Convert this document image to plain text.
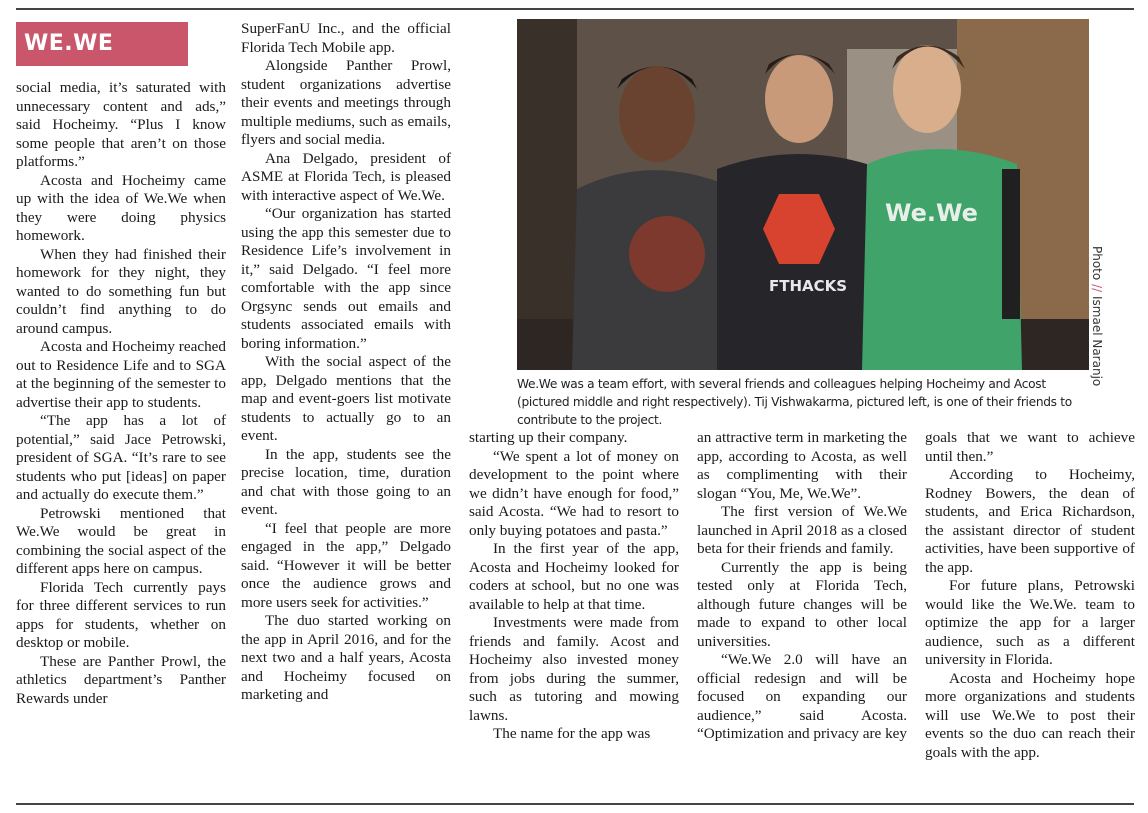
WE.WE

social media, it’s saturated with unnecessary content and ads,” said Hocheimy. “Plus I know some people that aren’t on those platforms.”

Acosta and Hocheimy came up with the idea of We.We when they were doing physics homework.

When they had finished their homework for they night, they wanted to do something fun but couldn’t find anything to do around campus.

Acosta and Hocheimy reached out to Residence Life and to SGA at the beginning of the semester to advertise their app to students.

“The app has a lot of potential,” said Jace Petrowski, president of SGA. “It’s rare to see students who put [ideas] on paper and actually do execute them.”

Petrowski mentioned that We.We would be great in combining the social aspect of the different apps here on campus.

Florida Tech currently pays for three different services to run apps for students, whether on desktop or mobile.

These are Panther Prowl, the athletics department’s Panther Rewards under

SuperFanU Inc., and the official Florida Tech Mobile app.

Alongside Panther Prowl, student organizations advertise their events and meetings through multiple mediums, such as emails, flyers and social media.

Ana Delgado, president of ASME at Florida Tech, is pleased with interactive aspect of We.We.

“Our organization has started using the app this semester due to Residence Life’s involvement in it,” said Delgado. “I feel more comfortable with the app since Orgsync sends out emails and students associated emails with boring information.”

With the social aspect of the app, Delgado mentions that the map and event-goers list motivate students to actually go to an event.

In the app, students see the precise location, time, duration and chat with those going to an event.

“I feel that people are more engaged in the app,” Delgado said. “However it will be better once the audience grows and more users seek for activities.”

The duo started working on the app in April 2016, and for the next two and a half years, Acosta and Hocheimy focused on marketing and

FTHACKS
We.We
Photo // Ismael Naranjo
We.We was a team effort, with several friends and colleagues helping Hocheimy and Acost (pictured middle and right respectively). Tij Vishwakarma, pictured left, is one of their friends to contribute to the project.

starting up their company.

“We spent a lot of money on development to the point where we didn’t have enough for food,” said Acosta. “We had to resort to only buying potatoes and pasta.”

In the first year of the app, Acosta and Hocheimy looked for coders at school, but no one was available to help at that time.

Investments were made from friends and family. Acost and Hocheimy also invested money from jobs during the summer, such as tutoring and mowing lawns.

The name for the app was

an attractive term in marketing the app, according to Acosta, as well as complimenting with their slogan “You, Me, We.We”.

The first version of We.We launched in April 2018 as a closed beta for their friends and family.

Currently the app is being tested only at Florida Tech, although future changes will be made to expand to other local universities.

“We.We 2.0 will have an official redesign and will be focused on expanding our audience,” said Acosta. “Optimization and privacy are key

goals that we want to achieve until then.”

According to Hocheimy, Rodney Bowers, the dean of students, and Erica Richardson, the assistant director of student activities, have been supportive of the app.

For future plans, Petrowski would like the We.We. team to optimize the app for a larger audience, such as a different university in Florida.

Acosta and Hocheimy hope more organizations and students will use We.We to post their events so the duo can reach their goals with the app.
